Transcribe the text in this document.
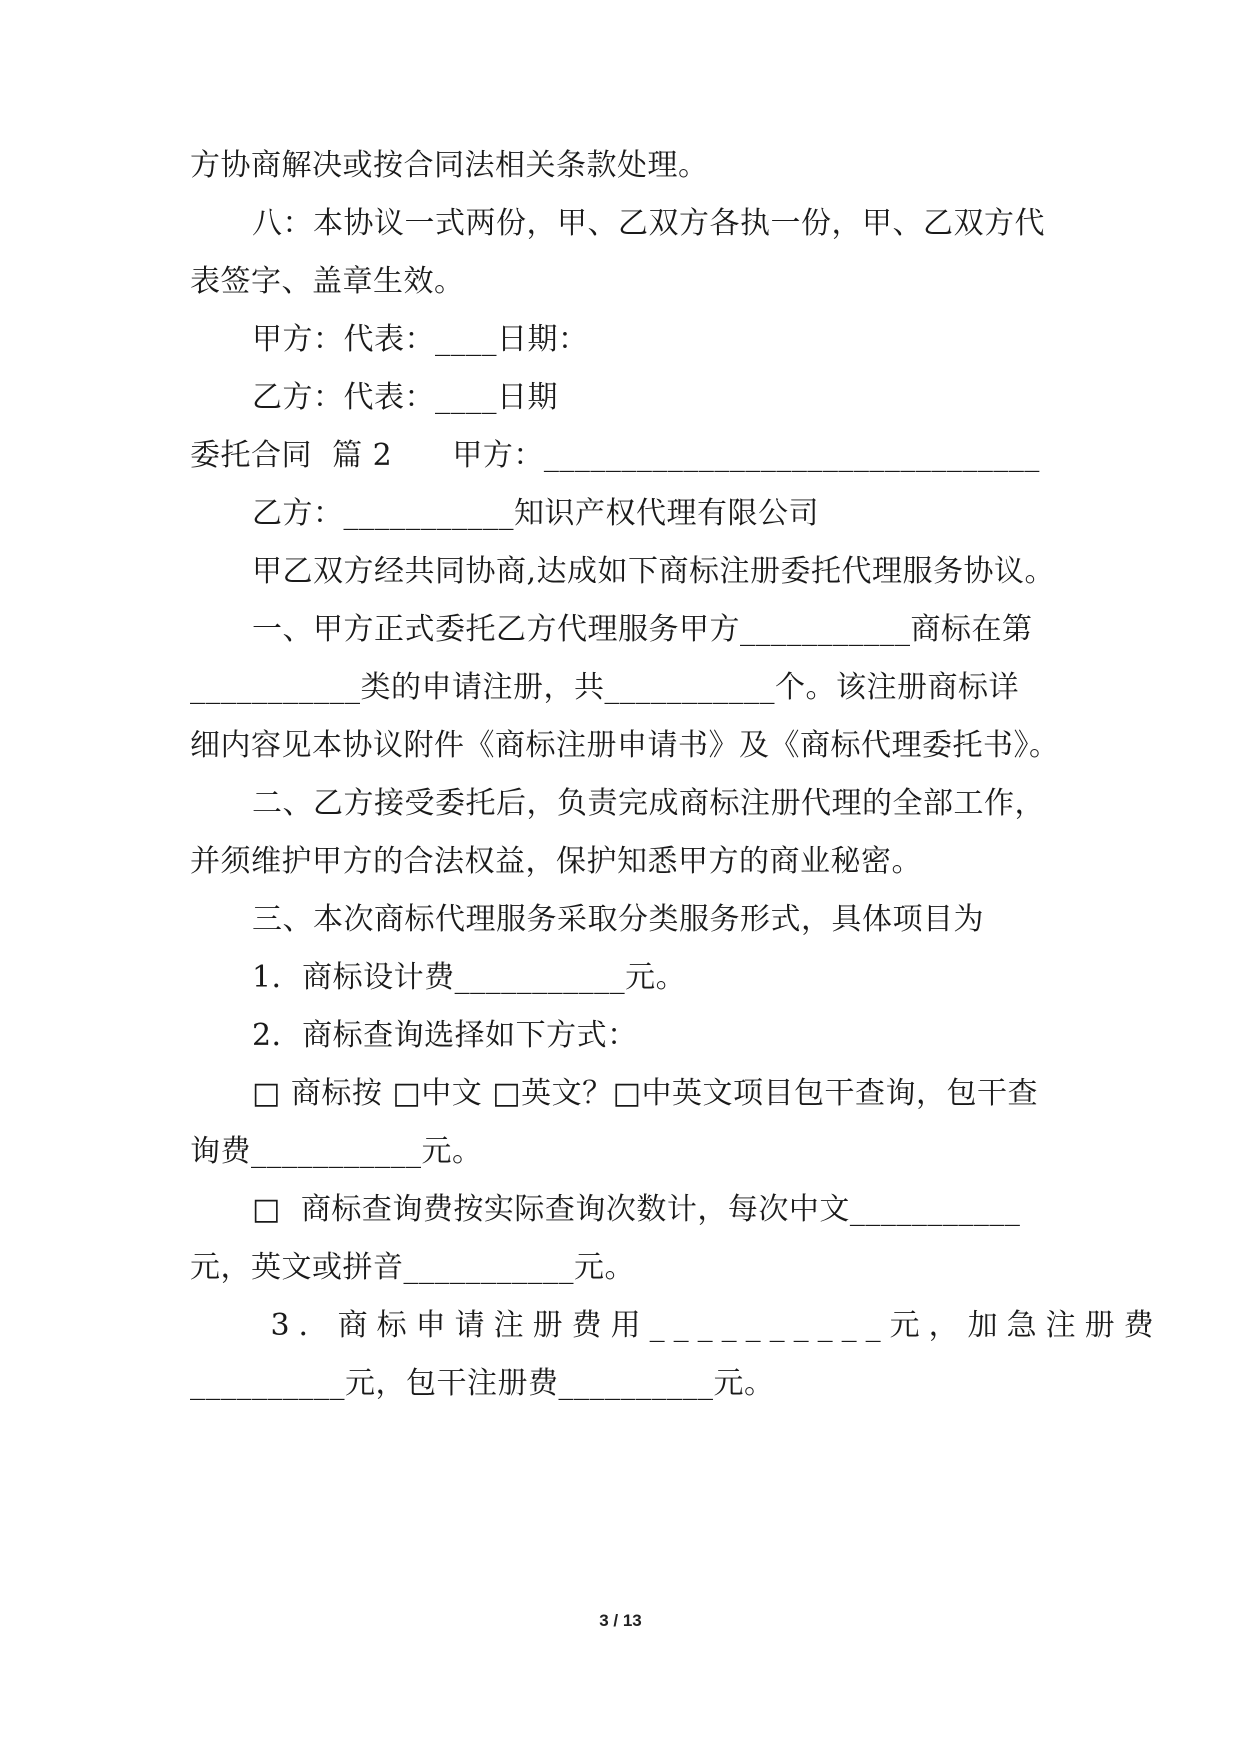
方协商解决或按合同法相关条款处理。
八：本协议一式两份，甲、乙双方各执一份，甲、乙双方代
表签字、盖章生效。
甲方：代表：____日期：
乙方：代表：____日期
委托合同  篇 2      甲方：________________________________
乙方：___________知识产权代理有限公司
甲乙双方经共同协商,达成如下商标注册委托代理服务协议。
一、甲方正式委托乙方代理服务甲方___________商标在第
___________类的申请注册，共___________个。该注册商标详
细内容见本协议附件《商标注册申请书》及《商标代理委托书》。
二、乙方接受委托后，负责完成商标注册代理的全部工作，
并须维护甲方的合法权益，保护知悉甲方的商业秘密。
三、本次商标代理服务采取分类服务形式，具体项目为
1．商标设计费___________元。
2．商标查询选择如下方式：
□ 商标按 □中文 □英文？□中英文项目包干查询，包干查
询费___________元。
□  商标查询费按实际查询次数计，每次中文___________
元，英文或拼音___________元。
3．商标申请注册费用__________元，加急注册费
__________元，包干注册费__________元。
3 / 13
